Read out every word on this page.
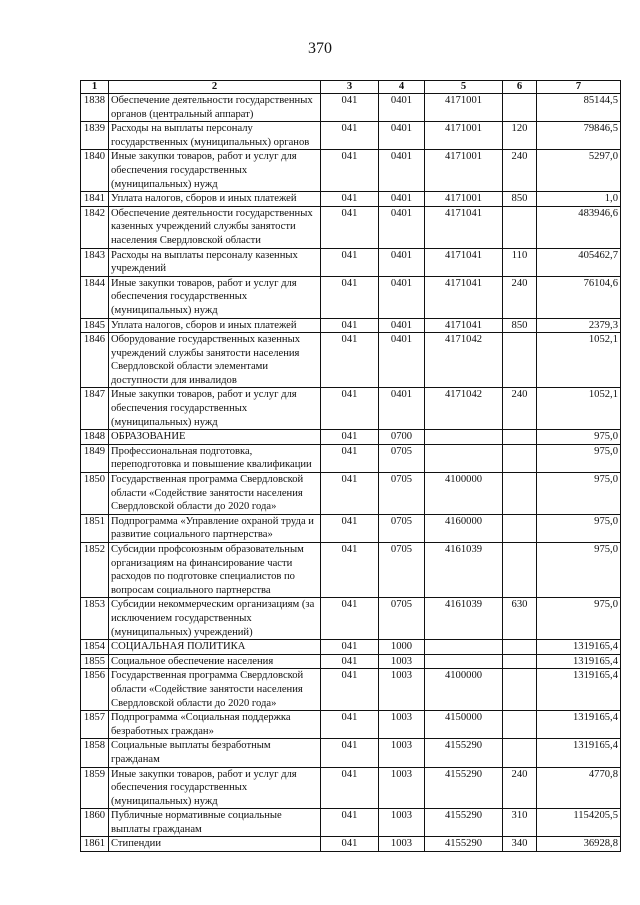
370
1	2	3	4	5	6	7
1838	Обеспечение деятельности государственных органов (центральный аппарат)	041	0401	4171001		85144,5
1839	Расходы на выплаты персоналу государственных (муниципальных) органов	041	0401	4171001	120	79846,5
1840	Иные закупки товаров, работ и услуг для обеспечения государственных (муниципальных) нужд	041	0401	4171001	240	5297,0
1841	Уплата налогов, сборов и иных платежей	041	0401	4171001	850	1,0
1842	Обеспечение деятельности государственных казенных учреждений службы занятости населения Свердловской области	041	0401	4171041		483946,6
1843	Расходы на выплаты персоналу казенных учреждений	041	0401	4171041	110	405462,7
1844	Иные закупки товаров, работ и услуг для обеспечения государственных (муниципальных) нужд	041	0401	4171041	240	76104,6
1845	Уплата налогов, сборов и иных платежей	041	0401	4171041	850	2379,3
1846	Оборудование государственных казенных учреждений службы занятости населения Свердловской области элементами доступности для инвалидов	041	0401	4171042		1052,1
1847	Иные закупки товаров, работ и услуг для обеспечения государственных (муниципальных) нужд	041	0401	4171042	240	1052,1
1848	ОБРАЗОВАНИЕ	041	0700			975,0
1849	Профессиональная подготовка, переподготовка и повышение квалификации	041	0705			975,0
1850	Государственная программа Свердловской области «Содействие занятости населения Свердловской области до 2020 года»	041	0705	4100000		975,0
1851	Подпрограмма «Управление охраной труда и развитие социального партнерства»	041	0705	4160000		975,0
1852	Субсидии профсоюзным образовательным организациям на финансирование части расходов по подготовке специалистов по вопросам социального партнерства	041	0705	4161039		975,0
1853	Субсидии некоммерческим организациям (за исключением государственных (муниципальных) учреждений)	041	0705	4161039	630	975,0
1854	СОЦИАЛЬНАЯ ПОЛИТИКА	041	1000			1319165,4
1855	Социальное обеспечение населения	041	1003			1319165,4
1856	Государственная программа Свердловской области «Содействие занятости населения Свердловской области до 2020 года»	041	1003	4100000		1319165,4
1857	Подпрограмма «Социальная поддержка безработных граждан»	041	1003	4150000		1319165,4
1858	Социальные выплаты безработным гражданам	041	1003	4155290		1319165,4
1859	Иные закупки товаров, работ и услуг для обеспечения государственных (муниципальных) нужд	041	1003	4155290	240	4770,8
1860	Публичные нормативные социальные выплаты гражданам	041	1003	4155290	310	1154205,5
1861	Стипендии	041	1003	4155290	340	36928,8
